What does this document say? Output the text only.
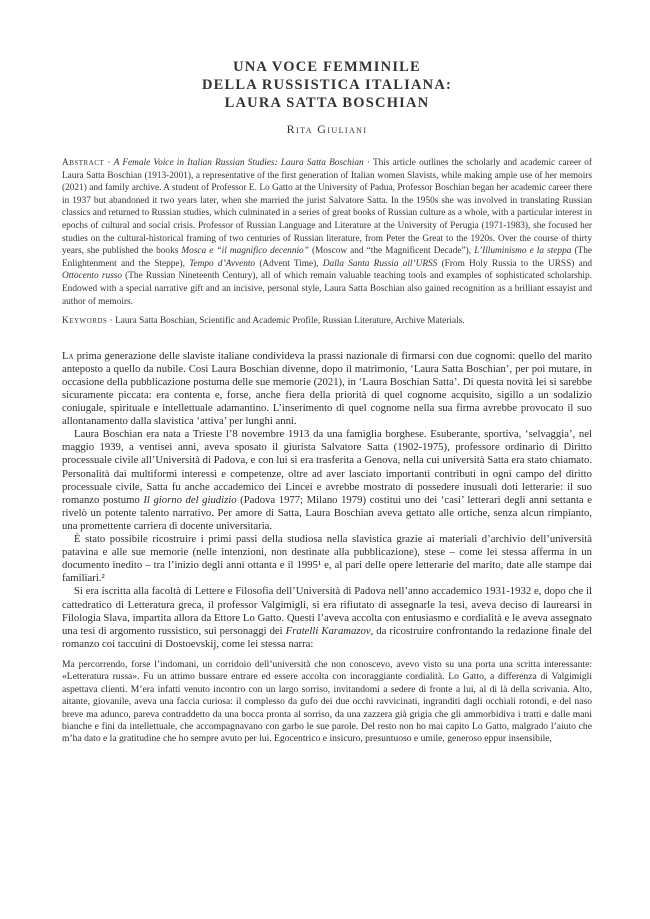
UNA VOCE FEMMINILE
DELLA RUSSISTICA ITALIANA:
LAURA SATTA BOSCHIAN
Rita Giuliani
Abstract · A Female Voice in Italian Russian Studies: Laura Satta Boschian · This article outlines the scholarly and academic career of Laura Satta Boschian (1913-2001), a representative of the first generation of Italian women Slavists, while making ample use of her memoirs (2021) and family archive. A student of Professor E. Lo Gatto at the University of Padua, Professor Boschian began her academic career there in 1937 but abandoned it two years later, when she married the jurist Salvatore Satta. In the 1950s she was involved in translating Russian classics and returned to Russian studies, which culminated in a series of great books of Russian culture as a whole, with a particular interest in epochs of cultural and social crisis. Professor of Russian Language and Literature at the University of Perugia (1971-1983), she focused her studies on the cultural-historical framing of two centuries of Russian literature, from Peter the Great to the 1920s. Over the course of thirty years, she published the books Mosca e “il magnifico decennio” (Moscow and “the Magnificent Decade”), L’Illuminismo e la steppa (The Enlightenment and the Steppe), Tempo d’Avvento (Advent Time), Dalla Santa Russia all’URSS (From Holy Russia to the URSS) and Ottocento russo (The Russian Nineteenth Century), all of which remain valuable teaching tools and examples of sophisticated scholarship. Endowed with a special narrative gift and an incisive, personal style, Laura Satta Boschian also gained recognition as a brilliant essayist and author of memoirs.
Keywords · Laura Satta Boschian, Scientific and Academic Profile, Russian Literature, Archive Materials.

La prima generazione delle slaviste italiane condivideva la prassi nazionale di firmarsi con due cognomi: quello del marito anteposto a quello da nubile. Così Laura Boschian divenne, dopo il matrimonio, ‘Laura Satta Boschian’, per poi mutare, in occasione della pubblicazione postuma delle sue memorie (2021), in ‘Laura Boschian Satta’. Di questa novità lei si sarebbe sicuramente piccata: era contenta e, forse, anche fiera della priorità di quel cognome acquisito, sigillo a un sodalizio coniugale, spirituale e intellettuale adamantino. L’inserimento di quel cognome nella sua firma avrebbe provocato il suo allontanamento dalla slavistica ‘attiva’ per lunghi anni.

Laura Boschian era nata a Trieste l’8 novembre 1913 da una famiglia borghese. Esuberante, sportiva, ‘selvaggia’, nel maggio 1939, a ventisei anni, aveva sposato il giurista Salvatore Satta (1902-1975), professore ordinario di Diritto processuale civile all’Università di Padova, e con lui si era trasferita a Genova, nella cui università Satta era stato chiamato. Personalità dai multiformi interessi e competenze, oltre ad aver lasciato importanti contributi in ogni campo del diritto processuale civile, Satta fu anche accademico dei Lincei e avrebbe mostrato di possedere inusuali doti letterarie: il suo romanzo postumo Il giorno del giudizio (Padova 1977; Milano 1979) costituì uno dei ‘casi’ letterari degli anni settanta e rivelò un potente talento narrativo. Per amore di Satta, Laura Boschian aveva gettato alle ortiche, senza alcun rimpianto, una promettente carriera di docente universitaria.

È stato possibile ricostruire i primi passi della studiosa nella slavistica grazie ai materiali d’archivio dell’università patavina e alle sue memorie (nelle intenzioni, non destinate alla pubblicazione), stese – come lei stessa afferma in un documento inedito – tra l’inizio degli anni ottanta e il 1995¹ e, al pari delle opere letterarie del marito, date alle stampe dai familiari.²

Si era iscritta alla facoltà di Lettere e Filosofia dell’Università di Padova nell’anno accademico 1931-1932 e, dopo che il cattedratico di Letteratura greca, il professor Valgimigli, si era rifiutato di assegnarle la tesi, aveva deciso di laurearsi in Filologia Slava, impartita allora da Ettore Lo Gatto. Questi l’aveva accolta con entusiasmo e cordialità e le aveva assegnato una tesi di argomento russistico, sui personaggi dei Fratelli Karamazov, da ricostruire confrontando la redazione finale del romanzo coi taccuini di Dostoevskij, come lei stessa narra:

Ma percorrendo, forse l’indomani, un corridoio dell’università che non conoscevo, avevo visto su una porta una scritta interessante: «Letteratura russa». Fu un attimo bussare entrare ed essere accolta con incoraggiante cordialità. Lo Gatto, a differenza di Valgimigli aspettava clienti. M’era infatti venuto incontro con un largo sorriso, invitandomi a sedere di fronte a lui, al di là della scrivania. Alto, aitante, giovanile, aveva una faccia curiosa: il complesso da gufo dei due occhi ravvicinati, ingranditi dagli occhiali rotondi, e del naso breve ma adunco, pareva contraddetto da una bocca pronta al sorriso, da una zazzera già grigia che gli ammorbidiva i tratti e dalle mani bianche e fini da intellettuale, che accompagnavano con garbo le sue parole. Del resto non ho mai capito Lo Gatto, malgrado l’aiuto che m’ha dato e la gratitudine che ho sempre avuto per lui. Egocentrico e insicuro, presuntuoso e umile, generoso eppur insensibile,
